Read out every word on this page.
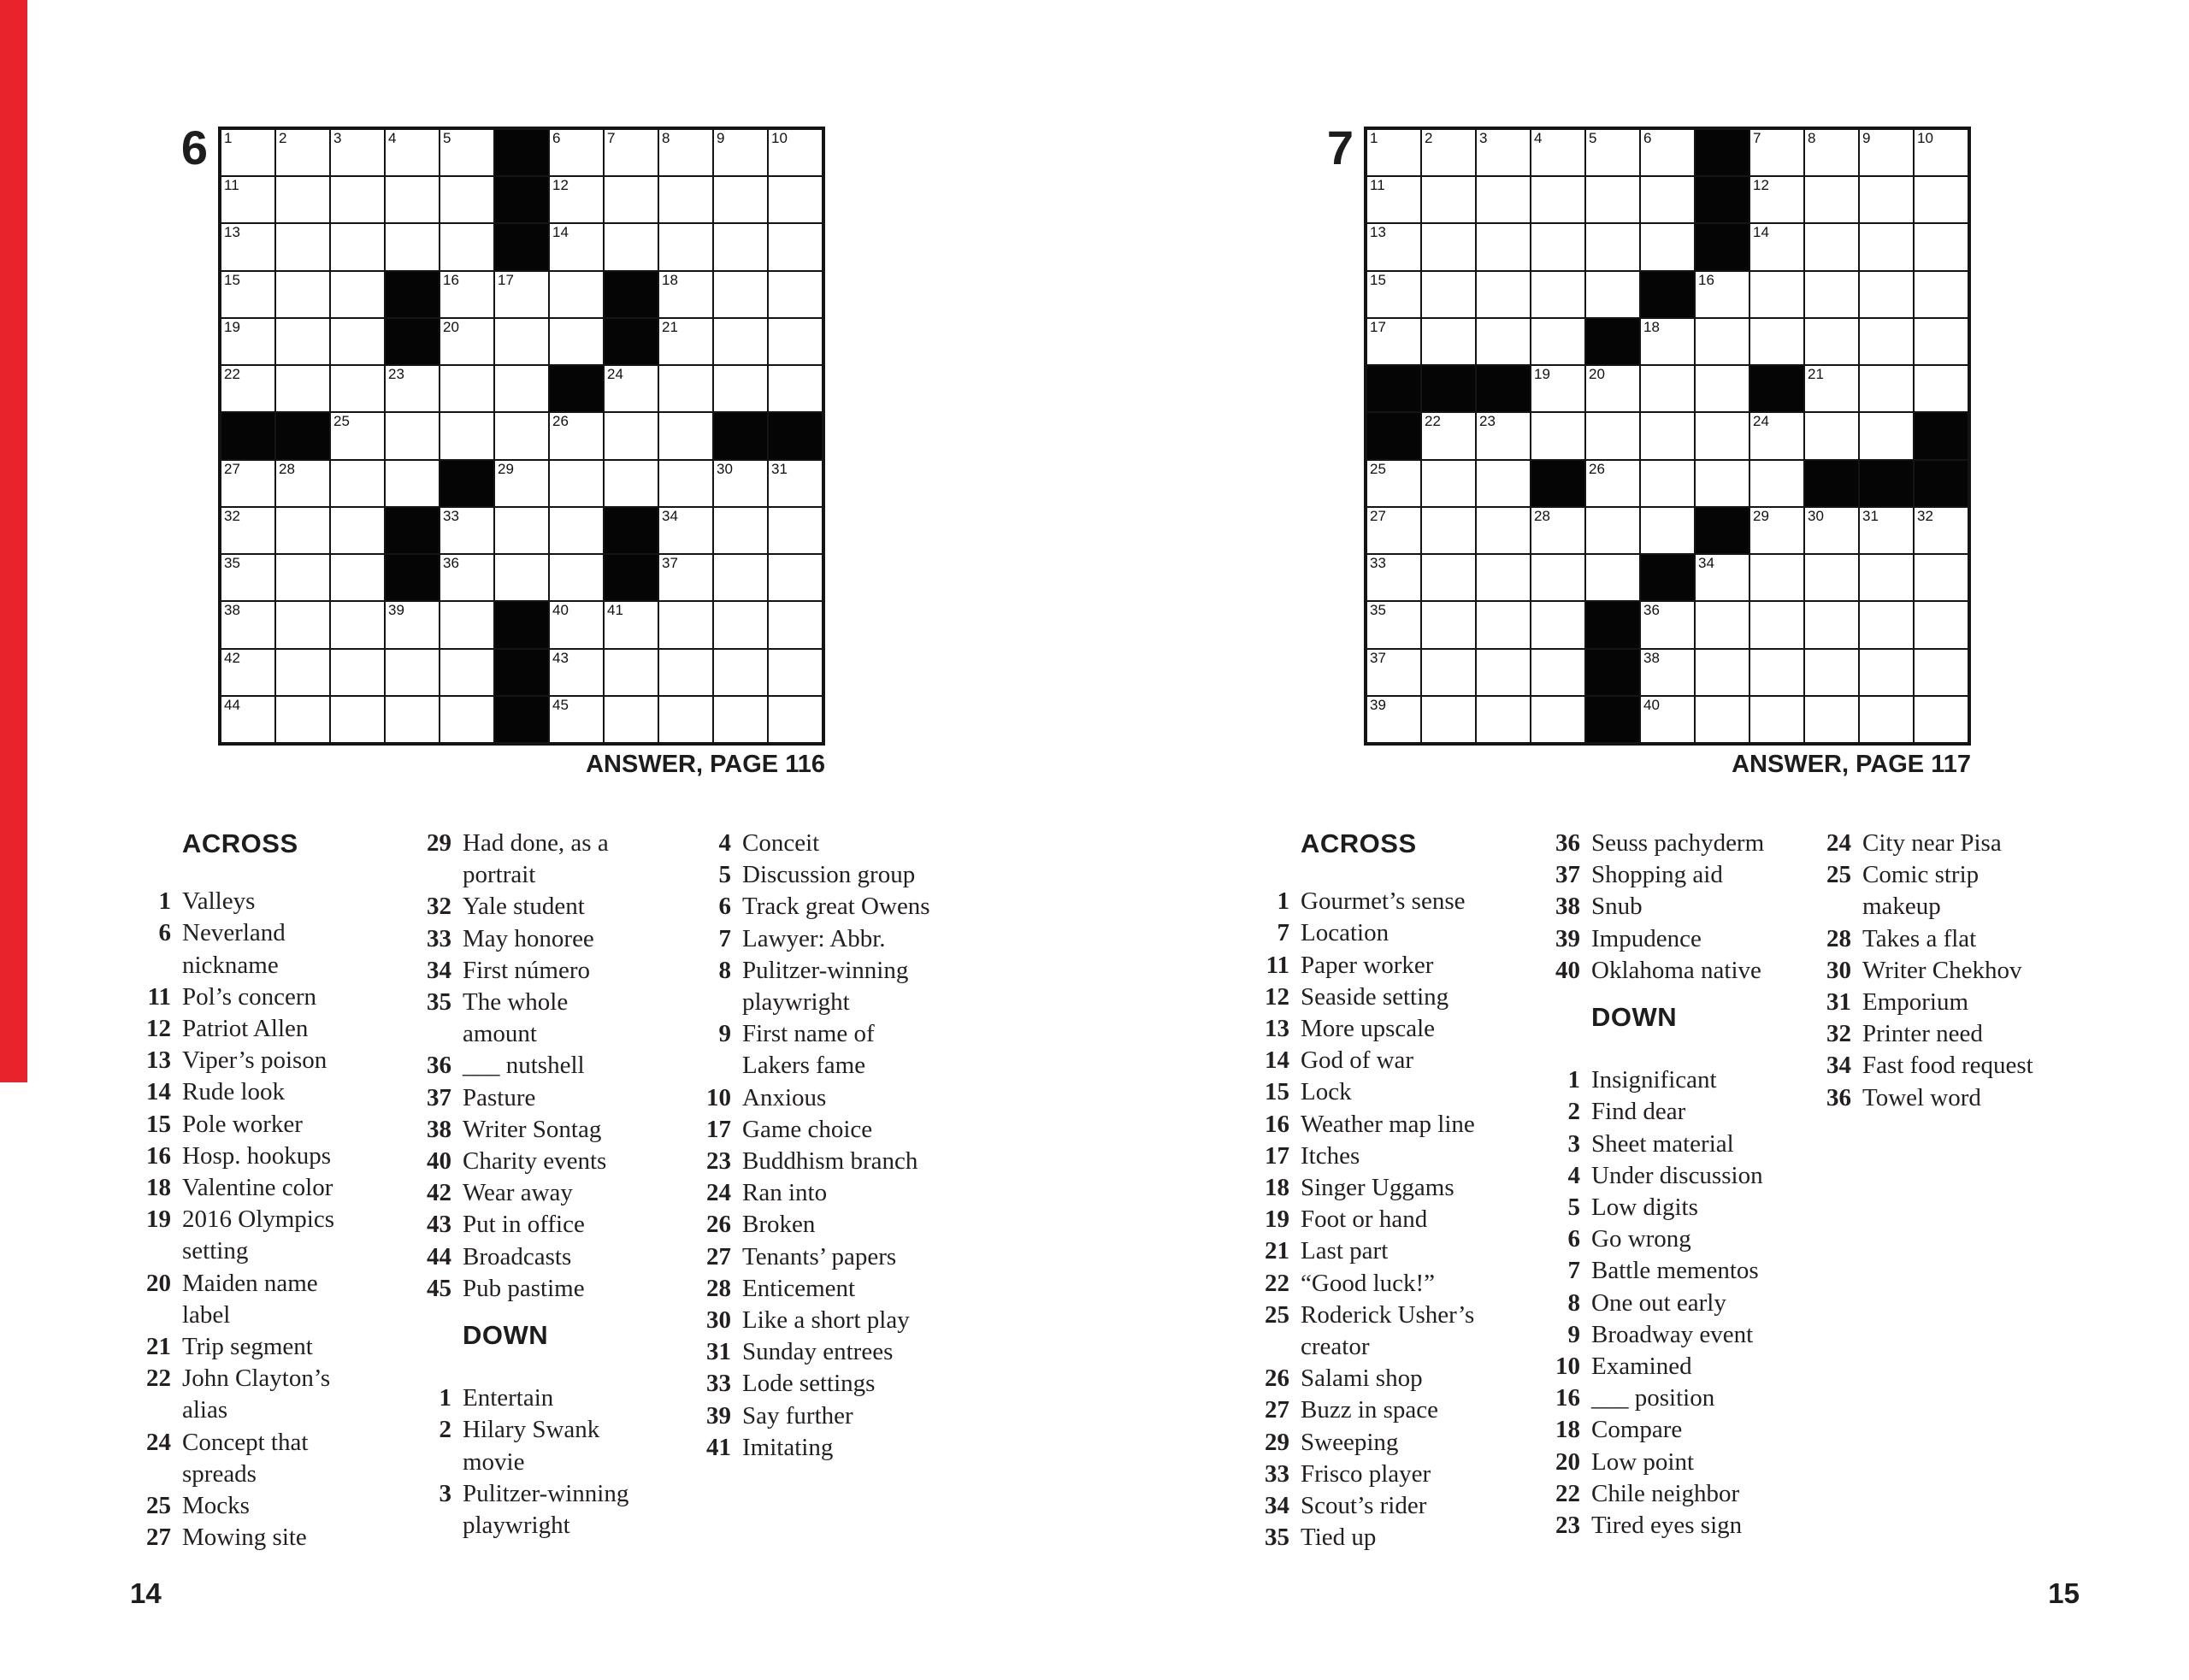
6 1	2	3	4	5	6	7	8	9	10
11	12
13	14
15	16	17	18
19	20	21
22	23	24
25	26
27	28	29	30	31
32	33	34
35	36	37
38	39	40	41
42	43
44	45
ANSWER, PAGE 116
ACROSS
1 Valleys
6 Neverland
nickname
11 Pol’s concern
12 Patriot Allen
13 Viper’s poison
14 Rude look
15 Pole worker
16 Hosp. hookups
18 Valentine color
19 2016 Olympics
setting
20 Maiden name
label
21 Trip segment
22 John Clayton’s
alias
24 Concept that
spreads
25 Mocks
27 Mowing site
29 Had done, as a
portrait
32 Yale student
33 May honoree
34 First número
35 The whole
amount
36 ___ nutshell
37 Pasture
38 Writer Sontag
40 Charity events
42 Wear away
43 Put in office
44 Broadcasts
45 Pub pastime
DOWN
1 Entertain
2 Hilary Swank
movie
3 Pulitzer-winning
playwright
4 Conceit
5 Discussion group
6 Track great Owens
7 Lawyer: Abbr.
8 Pulitzer-winning
playwright
9 First name of
Lakers fame
10 Anxious
17 Game choice
23 Buddhism branch
24 Ran into
26 Broken
27 Tenants’ papers
28 Enticement
30 Like a short play
31 Sunday entrees
33 Lode settings
39 Say further
41 Imitating
14
7 1	2	3	4	5	6	7	8	9	10
11	12
13	14
15	16
17	18
19	20	21
22	23	24
25	26
27	28	29	30	31	32
33	34
35	36
37	38
39	40
ANSWER, PAGE 117
ACROSS
1 Gourmet’s sense
7 Location
11 Paper worker
12 Seaside setting
13 More upscale
14 God of war
15 Lock
16 Weather map line
17 Itches
18 Singer Uggams
19 Foot or hand
21 Last part
22 “Good luck!”
25 Roderick Usher’s
creator
26 Salami shop
27 Buzz in space
29 Sweeping
33 Frisco player
34 Scout’s rider
35 Tied up
36 Seuss pachyderm
37 Shopping aid
38 Snub
39 Impudence
40 Oklahoma native
DOWN
1 Insignificant
2 Find dear
3 Sheet material
4 Under discussion
5 Low digits
6 Go wrong
7 Battle mementos
8 One out early
9 Broadway event
10 Examined
16 ___ position
18 Compare
20 Low point
22 Chile neighbor
23 Tired eyes sign
24 City near Pisa
25 Comic strip
makeup
28 Takes a flat
30 Writer Chekhov
31 Emporium
32 Printer need
34 Fast food request
36 Towel word
15
